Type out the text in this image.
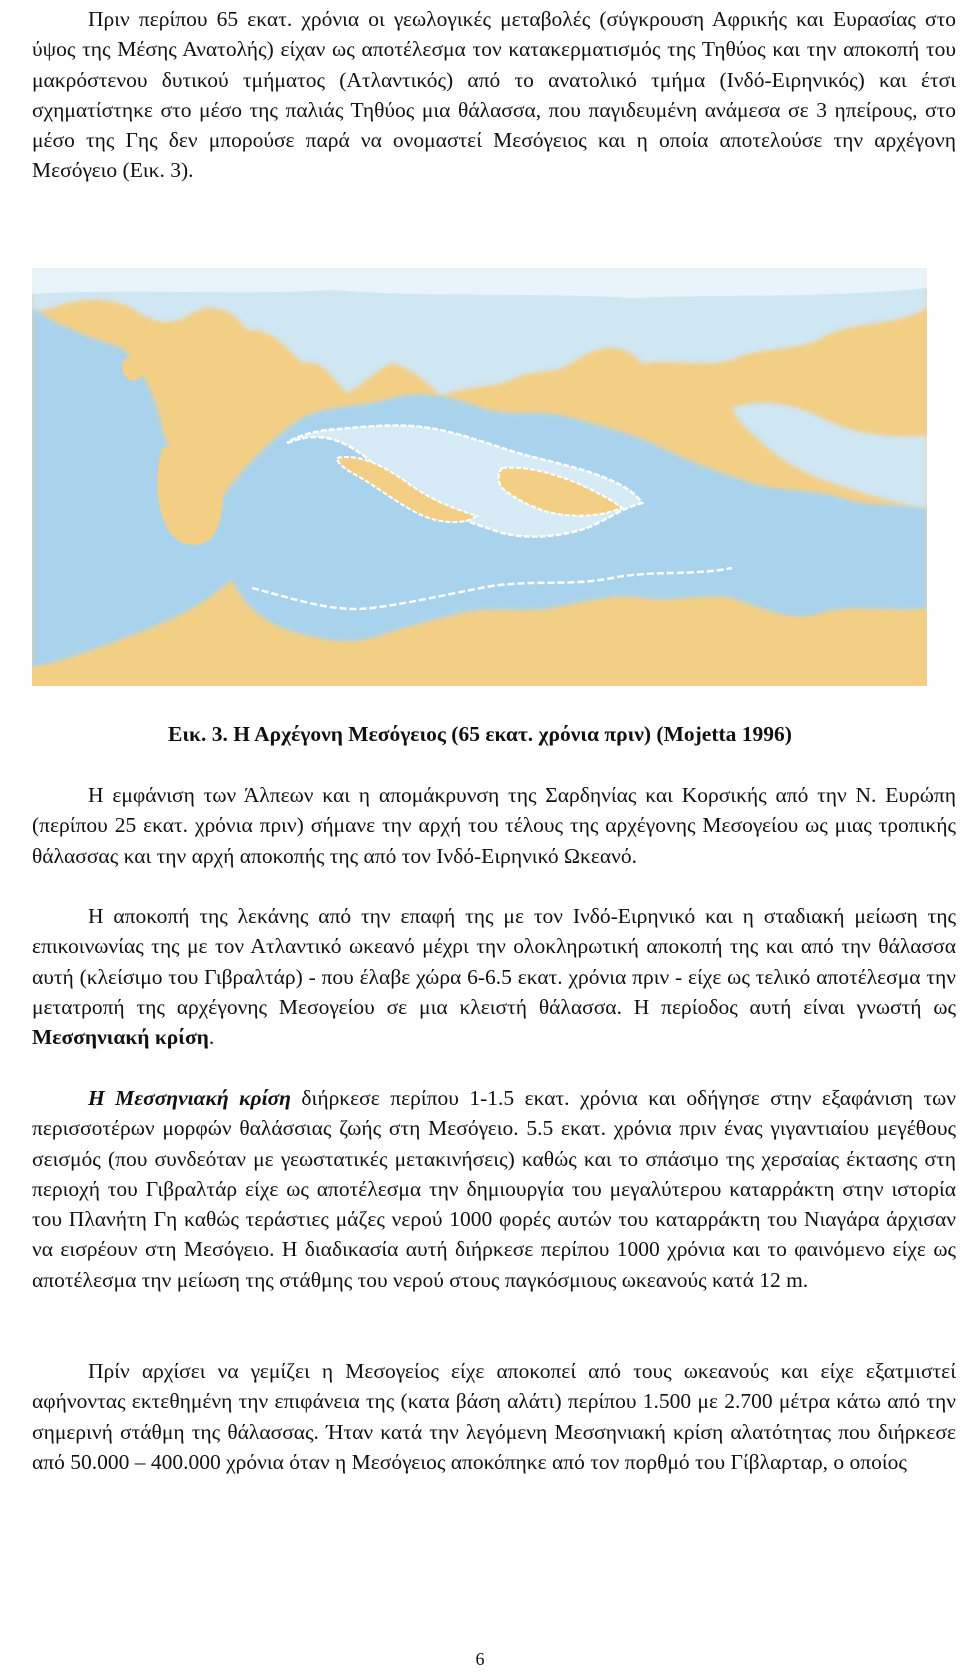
Πριν περίπου 65 εκατ. χρόνια οι γεωλογικές μεταβολές (σύγκρουση Αφρικής και Ευρασίας στο ύψος της Μέσης Ανατολής) είχαν ως αποτέλεσμα τον κατακερματισμός της Τηθύος και την αποκοπή του μακρόστενου δυτικού τμήματος (Ατλαντικός) από το ανατολικό τμήμα (Ινδό-Ειρηνικός) και έτσι σχηματίστηκε στο μέσο της παλιάς Τηθύος μια θάλασσα, που παγιδευμένη ανάμεσα σε 3 ηπείρους, στο μέσο της Γης δεν μπορούσε παρά να ονομαστεί Μεσόγειος και η οποία αποτελούσε την αρχέγονη Μεσόγειο (Εικ. 3).

Εικ. 3. Η Αρχέγονη Μεσόγειος (65 εκατ. χρόνια πριν) (Mojetta 1996)

Η εμφάνιση των Άλπεων και η απομάκρυνση της Σαρδηνίας και Κορσικής από την Ν. Ευρώπη (περίπου 25 εκατ. χρόνια πριν) σήμανε την αρχή του τέλους της αρχέγονης Μεσογείου ως μιας τροπικής θάλασσας και την αρχή αποκοπής της από τον Ινδό-Ειρηνικό Ωκεανό.

Η αποκοπή της λεκάνης από την επαφή της με τον Ινδό-Ειρηνικό και η σταδιακή μείωση της επικοινωνίας της με τον Ατλαντικό ωκεανό μέχρι την ολοκληρωτική αποκοπή της και από την θάλασσα αυτή (κλείσιμο του Γιβραλτάρ) - που έλαβε χώρα 6-6.5 εκατ. χρόνια πριν - είχε ως τελικό αποτέλεσμα την μετατροπή της αρχέγονης Μεσογείου σε μια κλειστή θάλασσα. Η περίοδος αυτή είναι γνωστή ως Μεσσηνιακή κρίση.

Η Μεσσηνιακή κρίση διήρκεσε περίπου 1-1.5 εκατ. χρόνια και οδήγησε στην εξαφάνιση των περισσοτέρων μορφών θαλάσσιας ζωής στη Μεσόγειο. 5.5 εκατ. χρόνια πριν ένας γιγαντιαίου μεγέθους σεισμός (που συνδεόταν με γεωστατικές μετακινήσεις) καθώς και το σπάσιμο της χερσαίας έκτασης στη περιοχή του Γιβραλτάρ είχε ως αποτέλεσμα την δημιουργία του μεγαλύτερου καταρράκτη στην ιστορία του Πλανήτη Γη καθώς τεράστιες μάζες νερού 1000 φορές αυτών του καταρράκτη του Νιαγάρα άρχισαν να εισρέουν στη Μεσόγειο. Η διαδικασία αυτή διήρκεσε περίπου 1000 χρόνια και το φαινόμενο είχε ως αποτέλεσμα την μείωση της στάθμης του νερού στους παγκόσμιους ωκεανούς κατά 12 m.

Πρίν αρχίσει να γεμίζει η Μεσογείος είχε αποκοπεί από τους ωκεανούς και είχε εξατμιστεί αφήνοντας εκτεθημένη την επιφάνεια της (κατα βάση αλάτι) περίπου 1.500 με 2.700 μέτρα κάτω από την σημερινή στάθμη της θάλασσας. Ήταν κατά την λεγόμενη Μεσσηνιακή κρίση αλατότητας που διήρκεσε από 50.000 – 400.000 χρόνια όταν η Μεσόγειος αποκόπηκε από τον πορθμό του Γίβλαρταρ, ο οποίος

6
